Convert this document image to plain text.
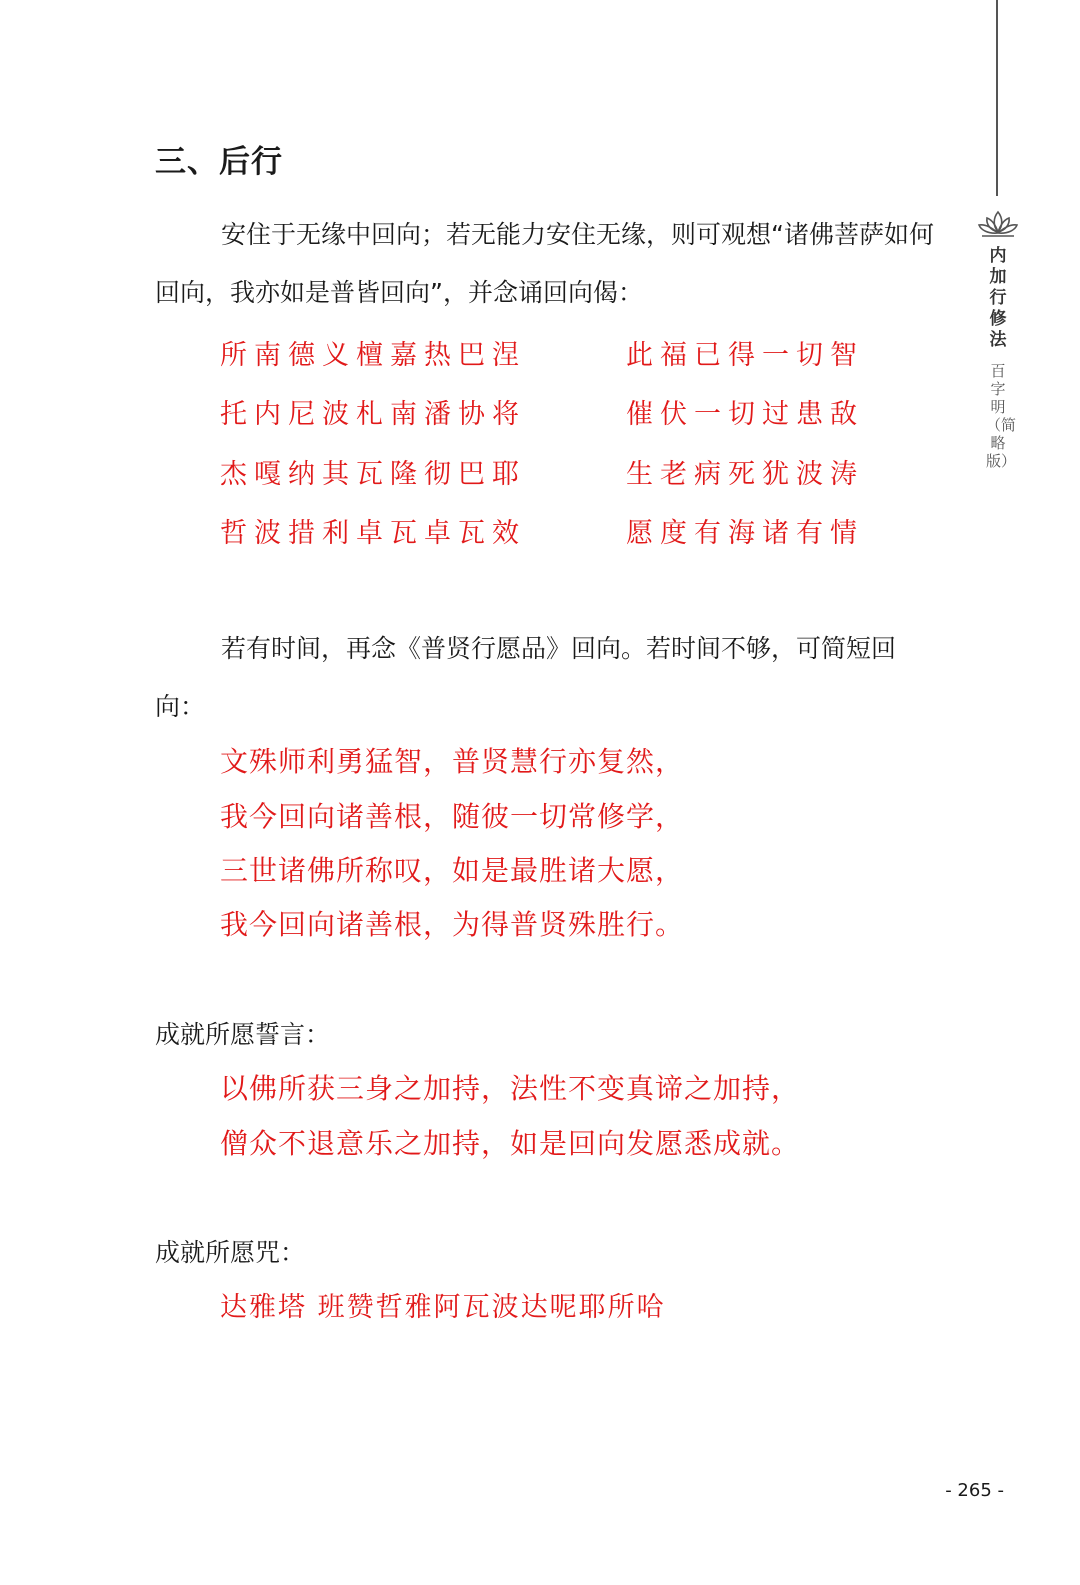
内加行修法
百字明（简略版）
三、后行
安住于无缘中回向；若无能力安住无缘，则可观想“诸佛菩萨如何回向，我亦如是普皆回向”，并念诵回向偈：
所南德义檀嘉热巴涅	此福已得一切智
托内尼波札南潘协将	催伏一切过患敌
杰嘎纳其瓦隆彻巴耶	生老病死犹波涛
哲波措利卓瓦卓瓦效	愿度有海诸有情
若有时间，再念《普贤行愿品》回向。若时间不够，可简短回向：
文殊师利勇猛智，普贤慧行亦复然，
我今回向诸善根，随彼一切常修学，
三世诸佛所称叹，如是最胜诸大愿，
我今回向诸善根，为得普贤殊胜行。
成就所愿誓言：
以佛所获三身之加持，法性不变真谛之加持，
僧众不退意乐之加持，如是回向发愿悉成就。
成就所愿咒：
达雅塔 班赞哲雅阿瓦波达呢耶所哈
- 265 -
